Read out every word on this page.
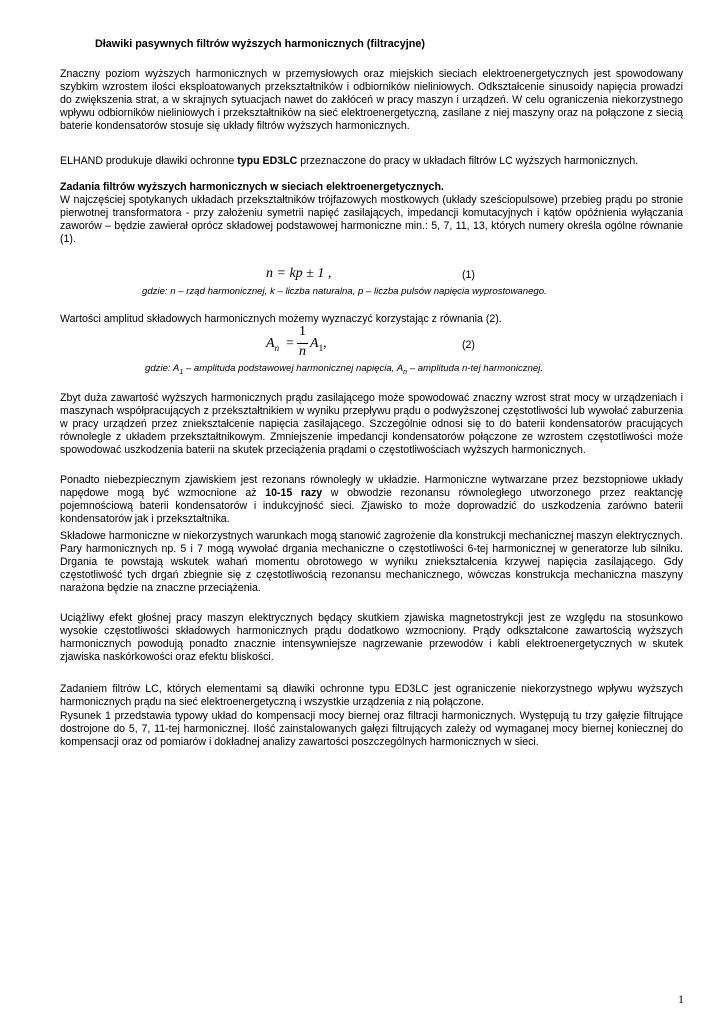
Dławiki pasywnych filtrów wyższych harmonicznych (filtracyjne)

Znaczny poziom wyższych harmonicznych w przemysłowych oraz miejskich sieciach elektroenergetycznych jest spowodowany szybkim wzrostem ilości eksploatowanych przekształtników i odbiorników nieliniowych. Odkształcenie sinusoidy napięcia prowadzi do zwiększenia strat, a w skrajnych sytuacjach nawet do zakłóceń w pracy maszyn i urządzeń. W celu ograniczenia niekorzystnego wpływu odbiorników nieliniowych i przekształtników na sieć elektroenergetyczną, zasilane z niej maszyny oraz na połączone z siecią baterie kondensatorów stosuje się układy filtrów wyższych harmonicznych.

ELHAND produkuje dławiki ochronne typu ED3LC przeznaczone do pracy w układach filtrów LC wyższych harmonicznych.

Zadania filtrów wyższych harmonicznych w sieciach elektroenergetycznych.

W najczęściej spotykanych układach przekształtników trójfazowych mostkowych (układy sześciopulsowe) przebieg prądu po stronie pierwotnej transformatora - przy założeniu symetrii napięć zasilających, impedancji komutacyjnych i kątów opóźnienia wyłączania zaworów – będzie zawierał oprócz składowej podstawowej harmoniczne min.: 5, 7, 11, 13, których numery określa ogólne równanie (1).

Wartości amplitud składowych harmonicznych możemy wyznaczyć korzystając z równania (2).

Zbyt duża zawartość wyższych harmonicznych prądu zasilającego może spowodować znaczny wzrost strat mocy w urządzeniach i maszynach współpracujących z przekształtnikiem w wyniku przepływu prądu o podwyższonej częstotliwości lub wywołać zaburzenia w pracy urządzeń przez zniekształcenie napięcia zasilającego. Szczególnie odnosi się to do baterii kondensatorów pracujących równolegle z układem przekształtnikowym. Zmniejszenie impedancji kondensatorów połączone ze wzrostem częstotliwości może spowodować uszkodzenia baterii na skutek przeciążenia prądami o częstotliwościach wyższych harmonicznych.

Ponadto niebezpiecznym zjawiskiem jest rezonans równoległy w układzie. Harmoniczne wytwarzane przez bezstopniowe układy napędowe mogą być wzmocnione aż 10-15 razy w obwodzie rezonansu równoległego utworzonego przez reaktancję pojemnościową baterii kondensatorów i indukcyjność sieci. Zjawisko to może doprowadzić do uszkodzenia zarówno baterii kondensatorów jak i przekształtnika.

Składowe harmoniczne w niekorzystnych warunkach mogą stanowić zagrożenie dla konstrukcji mechanicznej maszyn elektrycznych. Pary harmonicznych np. 5 i 7 mogą wywołać drgania mechaniczne o częstotliwości 6-tej harmonicznej w generatorze lub silniku. Drgania te powstają wskutek wahań momentu obrotowego w wyniku zniekształcenia krzywej napięcia zasilającego. Gdy częstotliwość tych drgań zbiegnie się z częstotliwością rezonansu mechanicznego, wówczas konstrukcja mechaniczna maszyny narażona będzie na znaczne przeciążenia.

Uciążliwy efekt głośnej pracy maszyn elektrycznych będący skutkiem zjawiska magnetostrykcji jest ze względu na stosunkowo wysokie częstotliwości składowych harmonicznych prądu dodatkowo wzmocniony. Prądy odkształcone zawartością wyższych harmonicznych powodują ponadto znacznie intensywniejsze nagrzewanie przewodów i kabli elektroenergetycznych w skutek zjawiska naskórkowości oraz efektu bliskości.

Zadaniem filtrów LC, których elementami są dławiki ochronne typu ED3LC jest ograniczenie niekorzystnego wpływu wyższych harmonicznych prądu na sieć elektroenergetyczną i wszystkie urządzenia z nią połączone.

Rysunek 1 przedstawia typowy układ do kompensacji mocy biernej oraz filtracji harmonicznych. Występują tu trzy gałęzie filtrujące dostrojone do 5, 7, 11-tej harmonicznej. Ilość zainstalowanych gałęzi filtrujących zależy od wymaganej mocy biernej koniecznej do kompensacji oraz od pomiarów i dokładnej analizy zawartości poszczególnych harmonicznych w sieci.

n = kp ± 1 ,	(1)
gdzie: n – rząd harmonicznej, k – liczba naturalna, p – liczba pulsów napięcia wyprostowanego.
$A_n$ =
1
n
$A_1$,	(2)
gdzie: $A_1$ – amplituda podstawowej harmonicznej napięcia, $A_n$ – amplituda n-tej harmonicznej.
1
